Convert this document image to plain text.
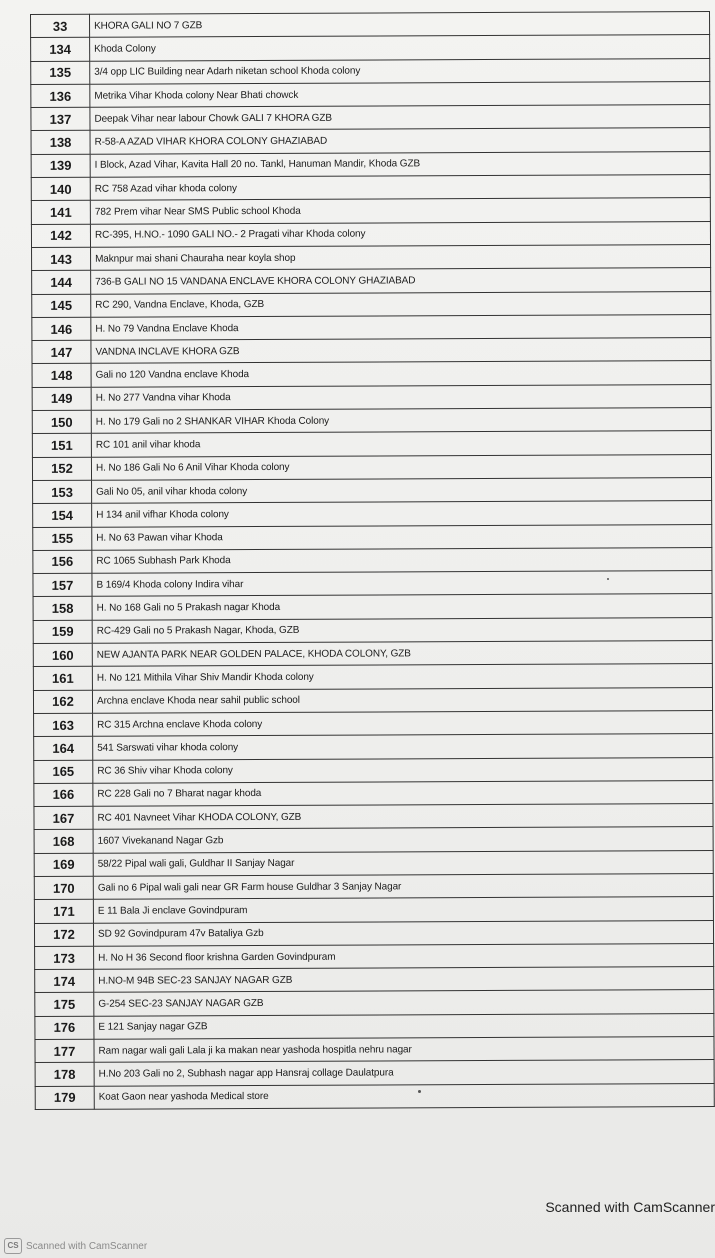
33	KHORA GALI NO 7 GZB
134	Khoda Colony
135	3/4 opp LIC Building near Adarh niketan school Khoda colony
136	Metrika Vihar Khoda colony Near Bhati chowck
137	Deepak Vihar near labour Chowk GALI 7 KHORA GZB
138	R-58-A AZAD VIHAR KHORA COLONY GHAZIABAD
139	I Block, Azad Vihar, Kavita Hall 20 no. Tankl, Hanuman Mandir, Khoda GZB
140	RC 758 Azad vihar khoda colony
141	782 Prem vihar Near SMS Public school Khoda
142	RC-395, H.NO.- 1090 GALI NO.- 2 Pragati vihar Khoda colony
143	Maknpur mai shani Chauraha near koyla shop
144	736-B GALI NO 15 VANDANA ENCLAVE KHORA COLONY GHAZIABAD
145	RC 290, Vandna Enclave, Khoda, GZB
146	H. No 79 Vandna Enclave Khoda
147	VANDNA INCLAVE KHORA GZB
148	Gali no 120 Vandna enclave Khoda
149	H. No 277 Vandna vihar Khoda
150	H. No 179 Gali no 2 SHANKAR VIHAR Khoda Colony
151	RC 101 anil vihar khoda
152	H. No 186 Gali No 6 Anil Vihar Khoda colony
153	Gali No 05, anil vihar khoda colony
154	H 134 anil vifhar Khoda colony
155	H. No 63 Pawan vihar Khoda
156	RC 1065 Subhash Park Khoda
157	B 169/4 Khoda colony Indira vihar
158	H. No 168 Gali no 5 Prakash nagar Khoda
159	RC-429 Gali no 5 Prakash Nagar, Khoda, GZB
160	NEW AJANTA PARK NEAR GOLDEN PALACE, KHODA COLONY, GZB
161	H. No 121 Mithila Vihar Shiv Mandir Khoda colony
162	Archna enclave Khoda near sahil public school
163	RC 315 Archna enclave Khoda colony
164	541 Sarswati vihar khoda colony
165	RC 36 Shiv vihar Khoda colony
166	RC 228 Gali no 7 Bharat nagar khoda
167	RC 401 Navneet Vihar KHODA COLONY, GZB
168	1607 Vivekanand Nagar Gzb
169	58/22 Pipal wali gali, Guldhar II Sanjay Nagar
170	Gali no 6 Pipal wali gali near GR Farm house Guldhar 3 Sanjay Nagar
171	E 11 Bala Ji enclave Govindpuram
172	SD 92 Govindpuram 47v Bataliya Gzb
173	H. No H 36 Second floor krishna Garden Govindpuram
174	H.NO-M 94B SEC-23 SANJAY NAGAR GZB
175	G-254 SEC-23 SANJAY NAGAR GZB
176	E 121 Sanjay nagar GZB
177	Ram nagar wali gali Lala ji ka makan near yashoda hospitla nehru nagar
178	H.No 203 Gali no 2, Subhash nagar app Hansraj collage Daulatpura
179	Koat Gaon near yashoda Medical store
Scanned with CamScanner
CS Scanned with CamScanner
